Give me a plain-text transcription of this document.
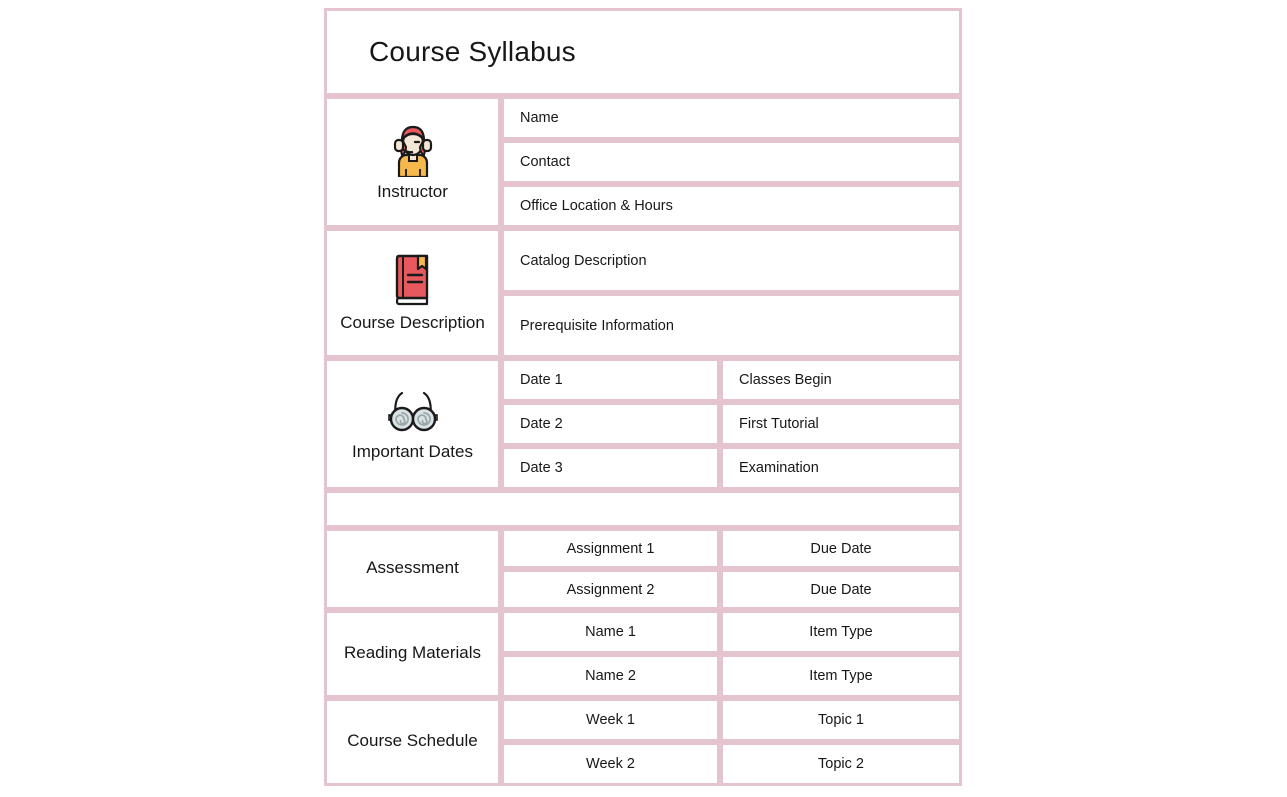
Course Syllabus		

Instructor	Name	
	Contact	
	Office Location & Hours	

Course Description	Catalog Description	
	Prerequisite Information	

Important Dates	Date 1	Classes Begin
	Date 2	First Tutorial
	Date 3	Examination

Assessment	Assignment 1	Due Date
	Assignment 2	Due Date

Reading Materials	Name 1	Item Type
	Name 2	Item Type

Course Schedule	Week 1	Topic 1
	Week 2	Topic 2
